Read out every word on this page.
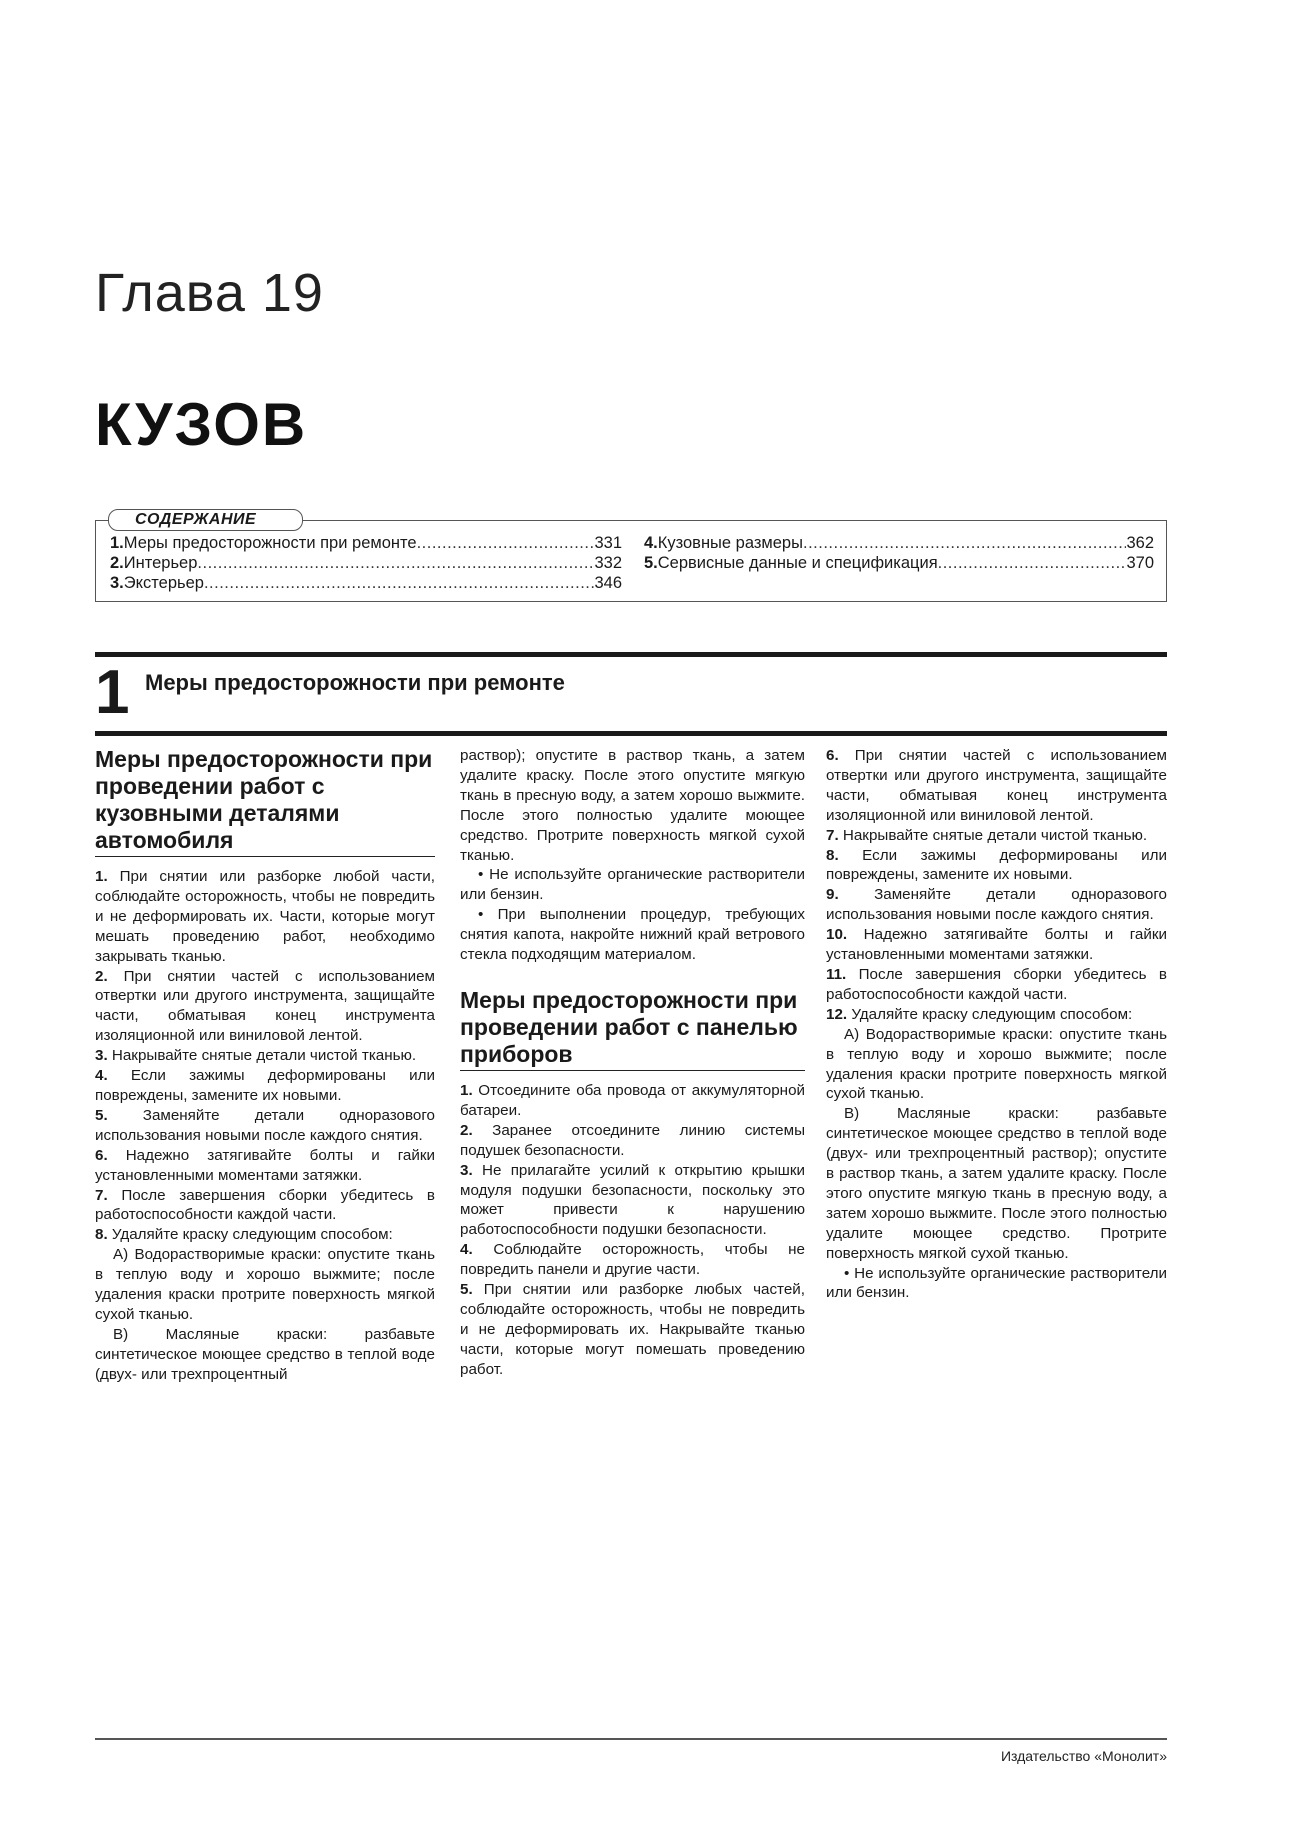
Глава 19
КУЗОВ
СОДЕРЖАНИЕ
1. Меры предосторожности при ремонте .....	331
2. Интерьер .....	332
3. Экстерьер .....	346
4. Кузовные размеры .....	362
5. Сервисные данные и спецификация .....	370
1 Меры предосторожности при ремонте
Меры предосторожности при проведении работ с кузовными деталями автомобиля

1. При снятии или разборке любой части, соблюдайте осторожность, чтобы не повредить и не деформировать их. Части, которые могут мешать проведению работ, необходимо закрывать тканью.

2. При снятии частей с использованием отвертки или другого инструмента, защищайте части, обматывая конец инструмента изоляционной или виниловой лентой.

3. Накрывайте снятые детали чистой тканью.

4. Если зажимы деформированы или повреждены, замените их новыми.

5. Заменяйте детали одноразового использования новыми после каждого снятия.

6. Надежно затягивайте болты и гайки установленными моментами затяжки.

7. После завершения сборки убедитесь в работоспособности каждой части.

8. Удаляйте краску следующим способом:

А) Водорастворимые краски: опустите ткань в теплую воду и хорошо выжмите; после удаления краски протрите поверхность мягкой сухой тканью.

В) Масляные краски: разбавьте синтетическое моющее средство в теплой воде (двух- или трехпроцентный

раствор); опустите в раствор ткань, а затем удалите краску. После этого опустите мягкую ткань в пресную воду, а затем хорошо выжмите. После этого полностью удалите моющее средство. Протрите поверхность мягкой сухой тканью.

• Не используйте органические растворители или бензин.

• При выполнении процедур, требующих снятия капота, накройте нижний край ветрового стекла подходящим материалом.

Меры предосторожности при проведении работ с панелью приборов

1. Отсоедините оба провода от аккумуляторной батареи.

2. Заранее отсоедините линию системы подушек безопасности.

3. Не прилагайте усилий к открытию крышки модуля подушки безопасности, поскольку это может привести к нарушению работоспособности подушки безопасности.

4. Соблюдайте осторожность, чтобы не повредить панели и другие части.

5. При снятии или разборке любых частей, соблюдайте осторожность, чтобы не повредить и не деформировать их. Накрывайте тканью части, которые могут помешать проведению работ.

6. При снятии частей с использованием отвертки или другого инструмента, защищайте части, обматывая конец инструмента изоляционной или виниловой лентой.

7. Накрывайте снятые детали чистой тканью.

8. Если зажимы деформированы или повреждены, замените их новыми.

9. Заменяйте детали одноразового использования новыми после каждого снятия.

10. Надежно затягивайте болты и гайки установленными моментами затяжки.

11. После завершения сборки убедитесь в работоспособности каждой части.

12. Удаляйте краску следующим способом:

А) Водорастворимые краски: опустите ткань в теплую воду и хорошо выжмите; после удаления краски протрите поверхность мягкой сухой тканью.

В) Масляные краски: разбавьте синтетическое моющее средство в теплой воде (двух- или трехпроцентный раствор); опустите в раствор ткань, а затем удалите краску. После этого опустите мягкую ткань в пресную воду, а затем хорошо выжмите. После этого полностью удалите моющее средство. Протрите поверхность мягкой сухой тканью.

• Не используйте органические растворители или бензин.

Издательство «Монолит»
